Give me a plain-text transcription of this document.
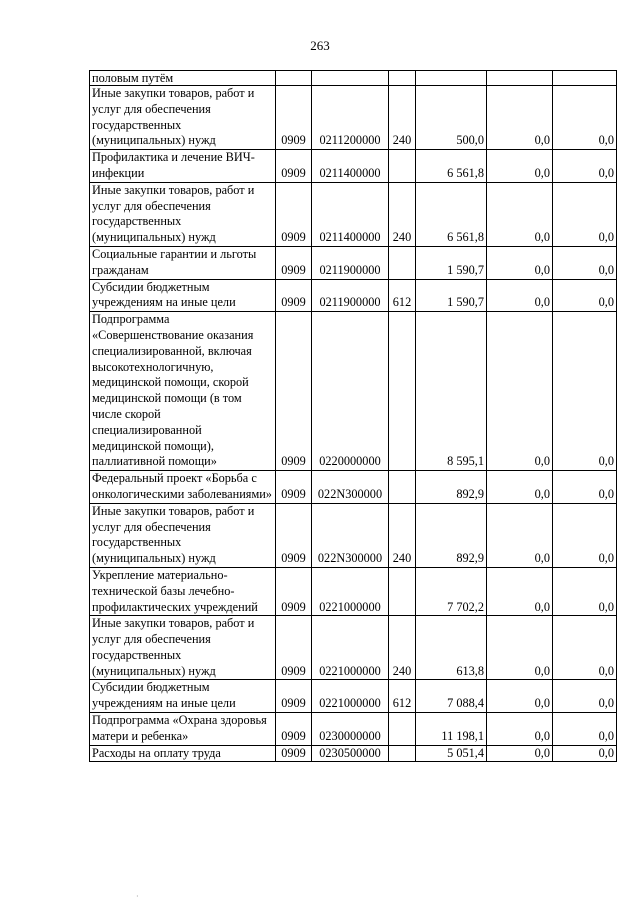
263
половым путём						
Иные закупки товаров, работ и услуг для обеспечения государственных (муниципальных) нужд	0909	0211200000	240	500,0	0,0	0,0
Профилактика и лечение ВИЧ-инфекции	0909	0211400000		6 561,8	0,0	0,0
Иные закупки товаров, работ и услуг для обеспечения государственных (муниципальных) нужд	0909	0211400000	240	6 561,8	0,0	0,0
Социальные гарантии и льготы гражданам	0909	0211900000		1 590,7	0,0	0,0
Субсидии бюджетным учреждениям на иные цели	0909	0211900000	612	1 590,7	0,0	0,0
Подпрограмма «Совершенствование оказания специализированной, включая высокотехнологичную, медицинской помощи, скорой медицинской помощи (в том числе скорой специализированной медицинской помощи), паллиативной помощи»	0909	0220000000		8 595,1	0,0	0,0
Федеральный проект «Борьба с онкологическими заболеваниями»	0909	022N300000		892,9	0,0	0,0
Иные закупки товаров, работ и услуг для обеспечения государственных (муниципальных) нужд	0909	022N300000	240	892,9	0,0	0,0
Укрепление материально-технической базы лечебно-профилактических учреждений	0909	0221000000		7 702,2	0,0	0,0
Иные закупки товаров, работ и услуг для обеспечения государственных (муниципальных) нужд	0909	0221000000	240	613,8	0,0	0,0
Субсидии бюджетным учреждениям на иные цели	0909	0221000000	612	7 088,4	0,0	0,0
Подпрограмма «Охрана здоровья матери и ребенка»	0909	0230000000		11 198,1	0,0	0,0
Расходы на оплату труда	0909	0230500000		5 051,4	0,0	0,0
·
